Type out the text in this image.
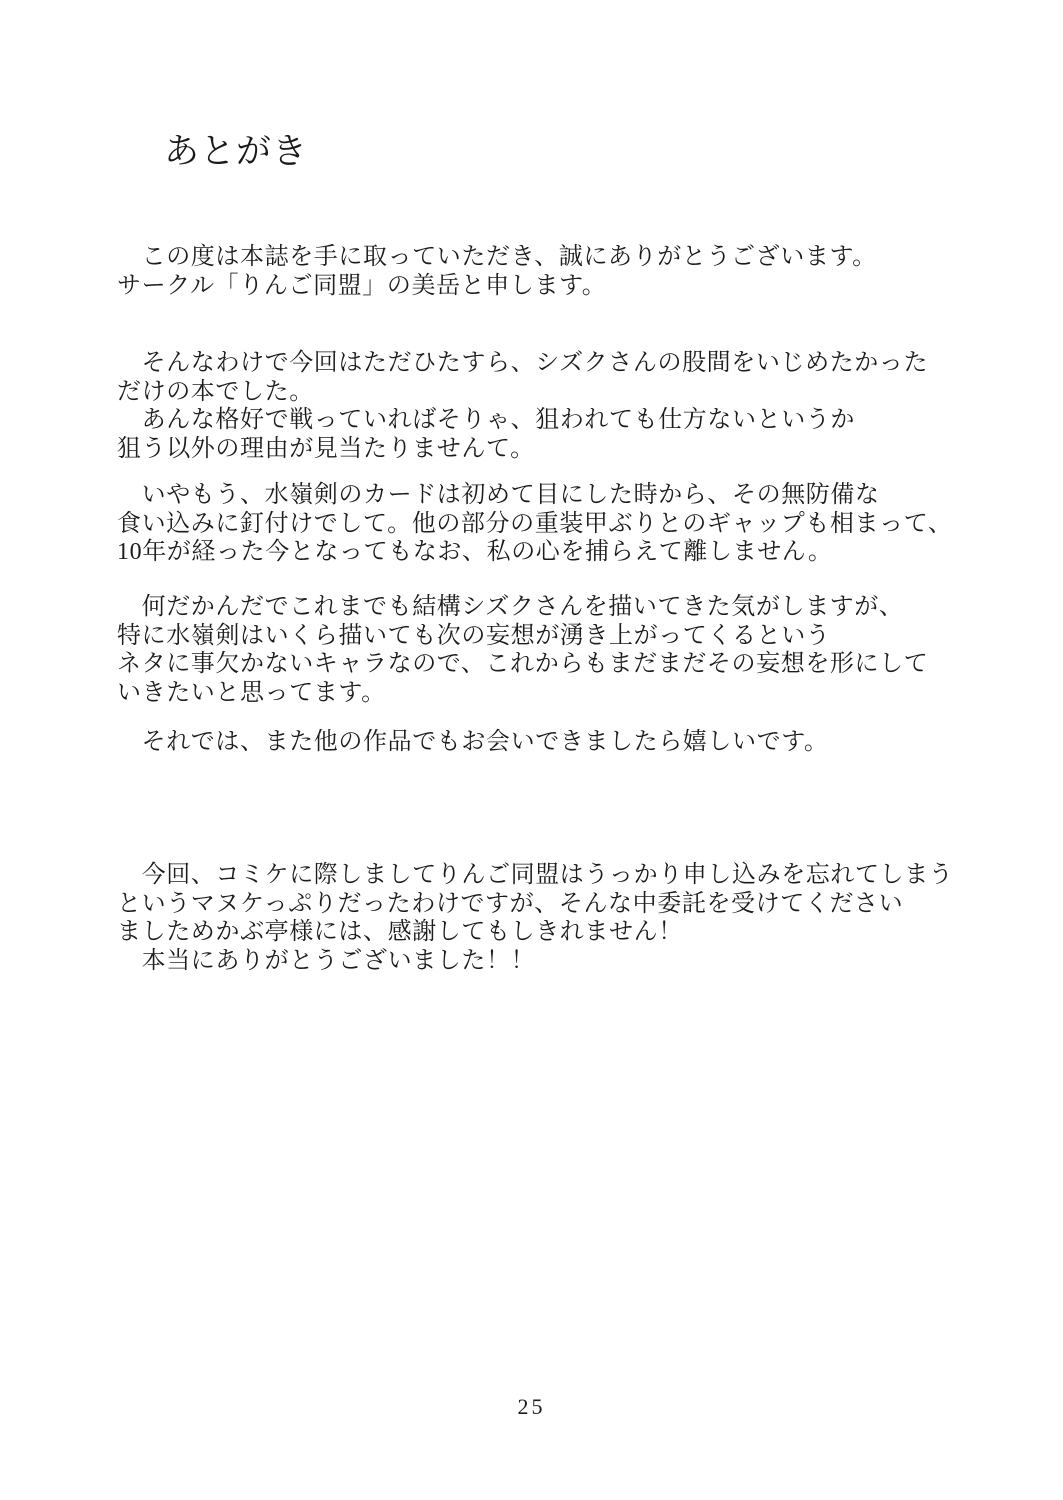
あとがき
　この度は本誌を手に取っていただき、誠にありがとうございます。
サークル「りんご同盟」の美岳と申します。
　そんなわけで今回はただひたすら、シズクさんの股間をいじめたかった
だけの本でした。
　あんな格好で戦っていればそりゃ、狙われても仕方ないというか
狙う以外の理由が見当たりませんて。
　いやもう、水嶺剣のカードは初めて目にした時から、その無防備な
食い込みに釘付けでして。他の部分の重装甲ぶりとのギャップも相まって、
10年が経った今となってもなお、私の心を捕らえて離しません。
　何だかんだでこれまでも結構シズクさんを描いてきた気がしますが、
特に水嶺剣はいくら描いても次の妄想が湧き上がってくるという
ネタに事欠かないキャラなので、これからもまだまだその妄想を形にして
いきたいと思ってます。
　それでは、また他の作品でもお会いできましたら嬉しいです。
　今回、コミケに際しましてりんご同盟はうっかり申し込みを忘れてしまう
というマヌケっぷりだったわけですが、そんな中委託を受けてください
ましためかぶ亭様には、感謝してもしきれません！
　本当にありがとうございました！！
25
